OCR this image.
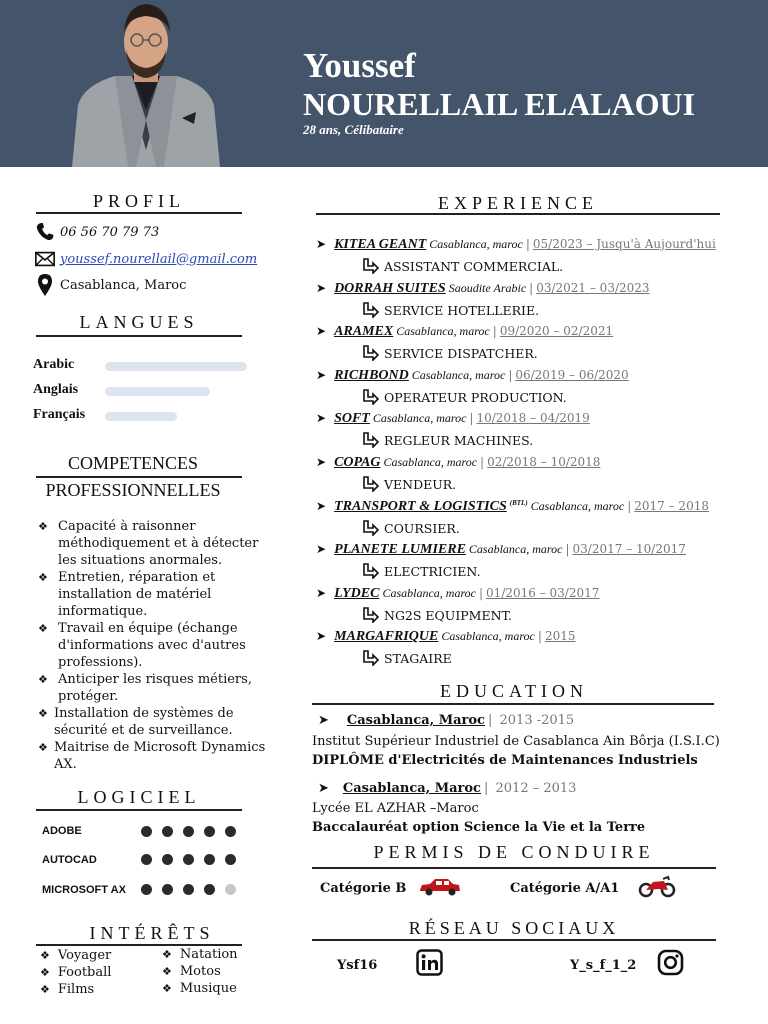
Youssef
NOURELLAIL ELALAOUI
28 ans, Célibataire
PROFIL
06 56 70 79 73
youssef.nourellail@gmail.com
Casablanca, Maroc
LANGUES
Arabic
Anglais
Français
COMPETENCES
PROFESSIONNELLES
❖ Capacité à raisonner méthodiquement et à détecter les situations anormales.
❖ Entretien, réparation et installation de matériel informatique.
❖ Travail en équipe (échange d'informations avec d'autres professions).
❖ Anticiper les risques métiers, protéger.
❖ Installation de systèmes de sécurité et de surveillance.
❖ Maitrise de Microsoft Dynamics AX.
LOGICIEL
ADOBE
AUTOCAD
MICROSOFT AX
INTÉRÊTS
❖ Voyager
❖ Football
❖ Films
❖ Natation
❖ Motos
❖ Musique
EXPERIENCE
➤ KITEA GEANT Casablanca, maroc | 05/2023 – Jusqu'à Aujourd'hui
ASSISTANT COMMERCIAL.
➤ DORRAH SUITES Saoudite Arabic | 03/2021 – 03/2023
SERVICE HOTELLERIE.
➤ ARAMEX Casablanca, maroc | 09/2020 – 02/2021
SERVICE DISPATCHER.
➤ RICHBOND Casablanca, maroc | 06/2019 – 06/2020
OPERATEUR PRODUCTION.
➤ SOFT Casablanca, maroc | 10/2018 – 04/2019
REGLEUR MACHINES.
➤ COPAG Casablanca, maroc | 02/2018 – 10/2018
VENDEUR.
➤ TRANSPORT & LOGISTICS $^{(BTL)}$ Casablanca, maroc | 2017 – 2018
COURSIER.
➤ PLANETE LUMIERE Casablanca, maroc | 03/2017 – 10/2017
ELECTRICIEN.
➤ LYDEC Casablanca, maroc | 01/2016 – 03/2017
NG2S EQUIPMENT.
➤ MARGAFRIQUE Casablanca, maroc | 2015
STAGAIRE
EDUCATION
➤ Casablanca, Maroc | 2013 -2015
Institut Supérieur Industriel de Casablanca Ain Bôrja (I.S.I.C)
DIPLÔME d'Electricités de Maintenances Industriels
➤ Casablanca, Maroc | 2012 – 2013
Lycée EL AZHAR –Maroc
Baccalauréat option Science la Vie et la Terre
PERMIS DE CONDUIRE
Catégorie B	Catégorie A/A1
RÉSEAU SOCIAUX
Ysf16	Y_s_f_1_2
